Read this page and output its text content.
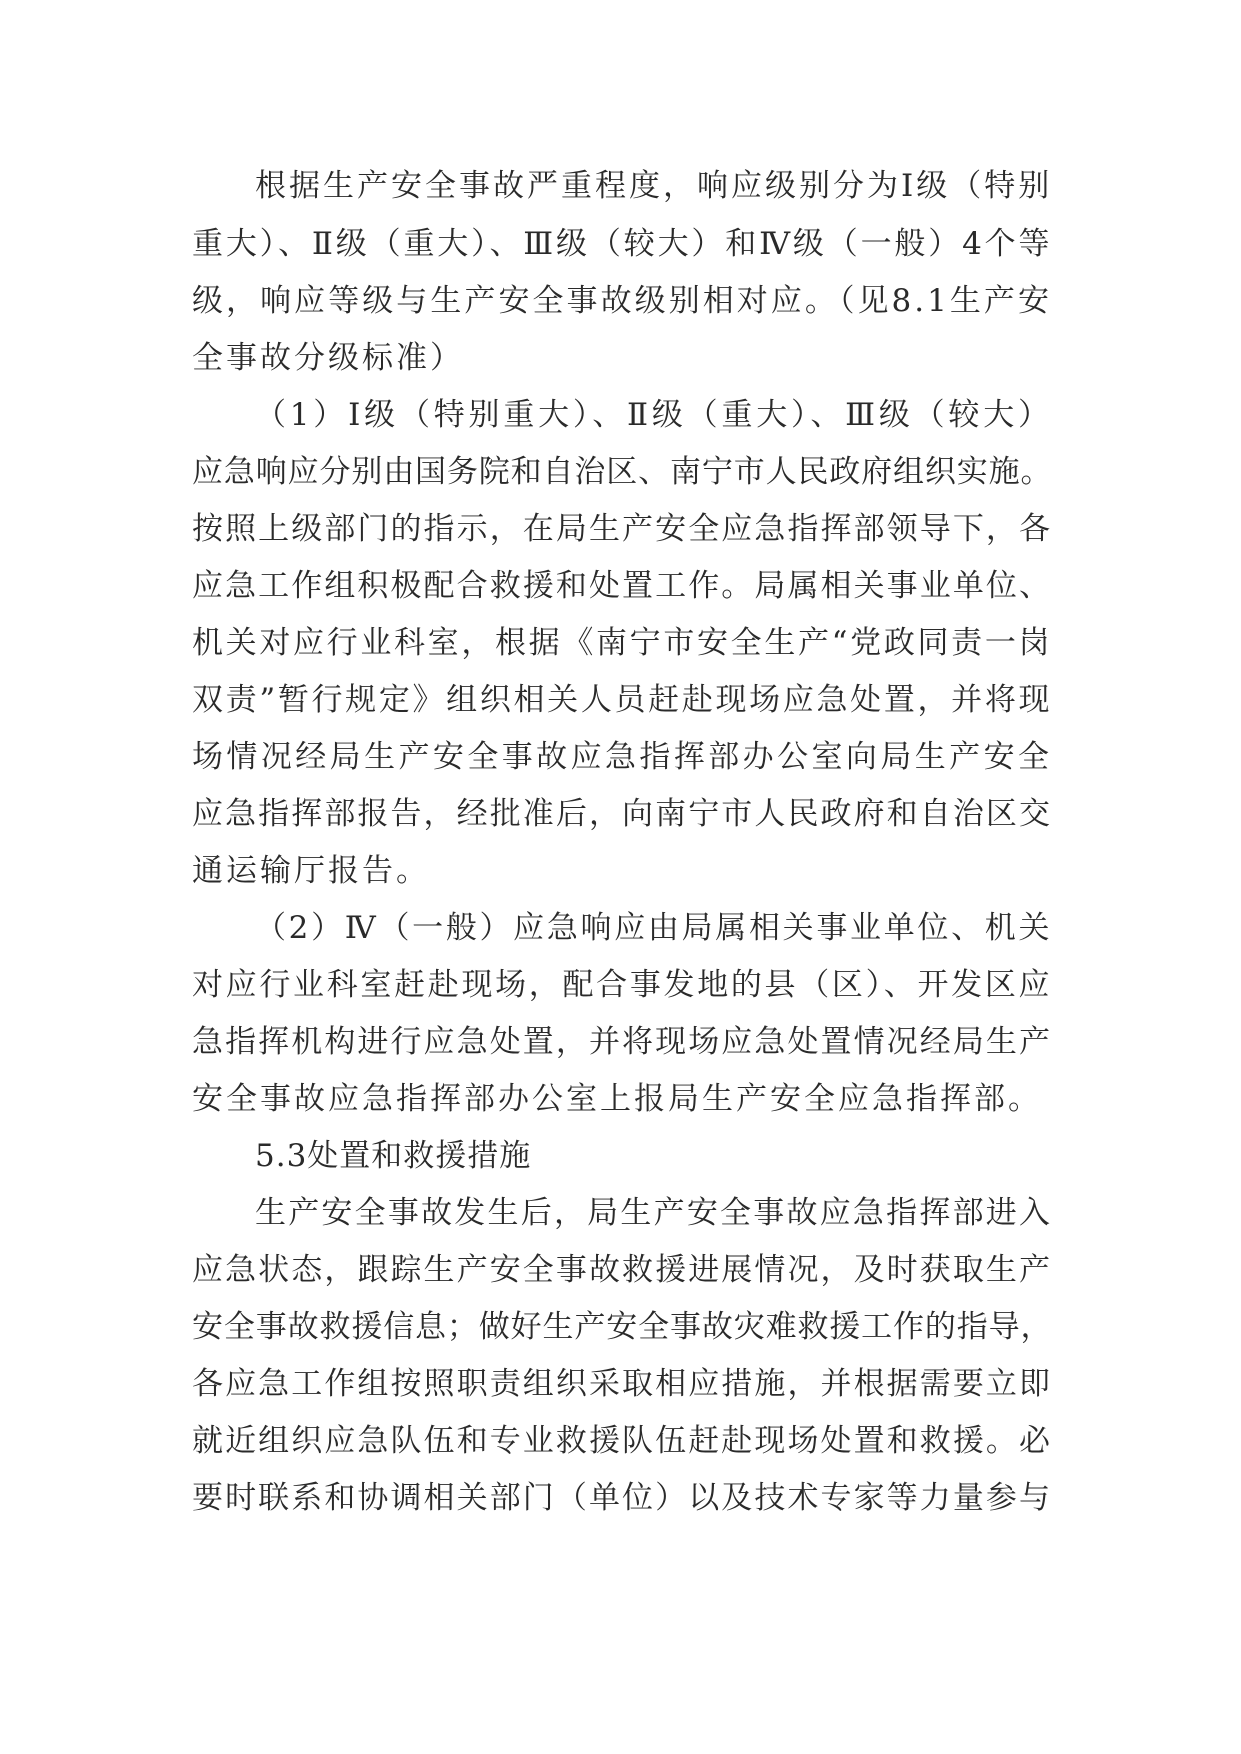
根据生产安全事故严重程度，响应级别分为Ⅰ级（特别
重大）、Ⅱ级（重大）、Ⅲ级（较大）和Ⅳ级（一般）4个等
级，响应等级与生产安全事故级别相对应。（见8.1生产安
全事故分级标准）
（1）Ⅰ级（特别重大）、Ⅱ级（重大）、Ⅲ级（较大）
应急响应分别由国务院和自治区、南宁市人民政府组织实施。
按照上级部门的指示，在局生产安全应急指挥部领导下，各
应急工作组积极配合救援和处置工作。局属相关事业单位、
机关对应行业科室，根据《南宁市安全生产“党政同责一岗
双责”暂行规定》组织相关人员赶赴现场应急处置，并将现
场情况经局生产安全事故应急指挥部办公室向局生产安全
应急指挥部报告，经批准后，向南宁市人民政府和自治区交
通运输厅报告。
（2）Ⅳ（一般）应急响应由局属相关事业单位、机关
对应行业科室赶赴现场，配合事发地的县（区）、开发区应
急指挥机构进行应急处置，并将现场应急处置情况经局生产
安全事故应急指挥部办公室上报局生产安全应急指挥部。
5.3处置和救援措施
生产安全事故发生后，局生产安全事故应急指挥部进入
应急状态，跟踪生产安全事故救援进展情况，及时获取生产
安全事故救援信息；做好生产安全事故灾难救援工作的指导，
各应急工作组按照职责组织采取相应措施，并根据需要立即
就近组织应急队伍和专业救援队伍赶赴现场处置和救援。必
要时联系和协调相关部门（单位）以及技术专家等力量参与
